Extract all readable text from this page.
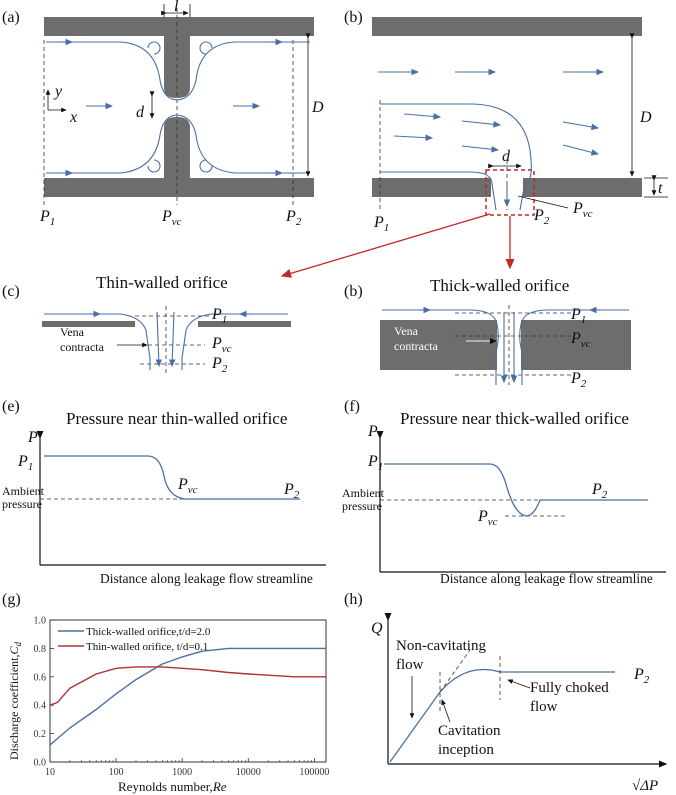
(a)
l
d	D
y
x
$P_1$	$P_{vc}$	$P_2$
(b)
D
d
t
$P_{vc}$
$P_1$
$P_2$
(c)	Thin-walled orifice
Vena
contracta
$P_1$
$P_{vc}$
$P_2$
(b)	Thick-walled orifice
Vena
contracta
$P_1$
$P_{vc}$
$P_2$
(e)
Pressure near thin-walled orifice
P
$P_1$
$P_{vc}$	$P_2$
Ambient
pressure
Distance along leakage flow streamline
(f)
Pressure near thick-walled orifice
P
$P_1$
$P_{vc}$
$P_2$
Ambient
pressure
Distance along leakage flow streamline
(g)
0.0
0.2
0.4
0.6
0.8
1.0
10	100	1000	10000	100000
Thick-walled orifice,t/d=2.0
Thin-walled orifice, t/d=0.1
Discharge $coefficient,C_d$
Reynolds number,Re
(h)
Q
√ΔP
$P_2$
Non-cavitating
flow
Fully choked
flow
Cavitation
inception
